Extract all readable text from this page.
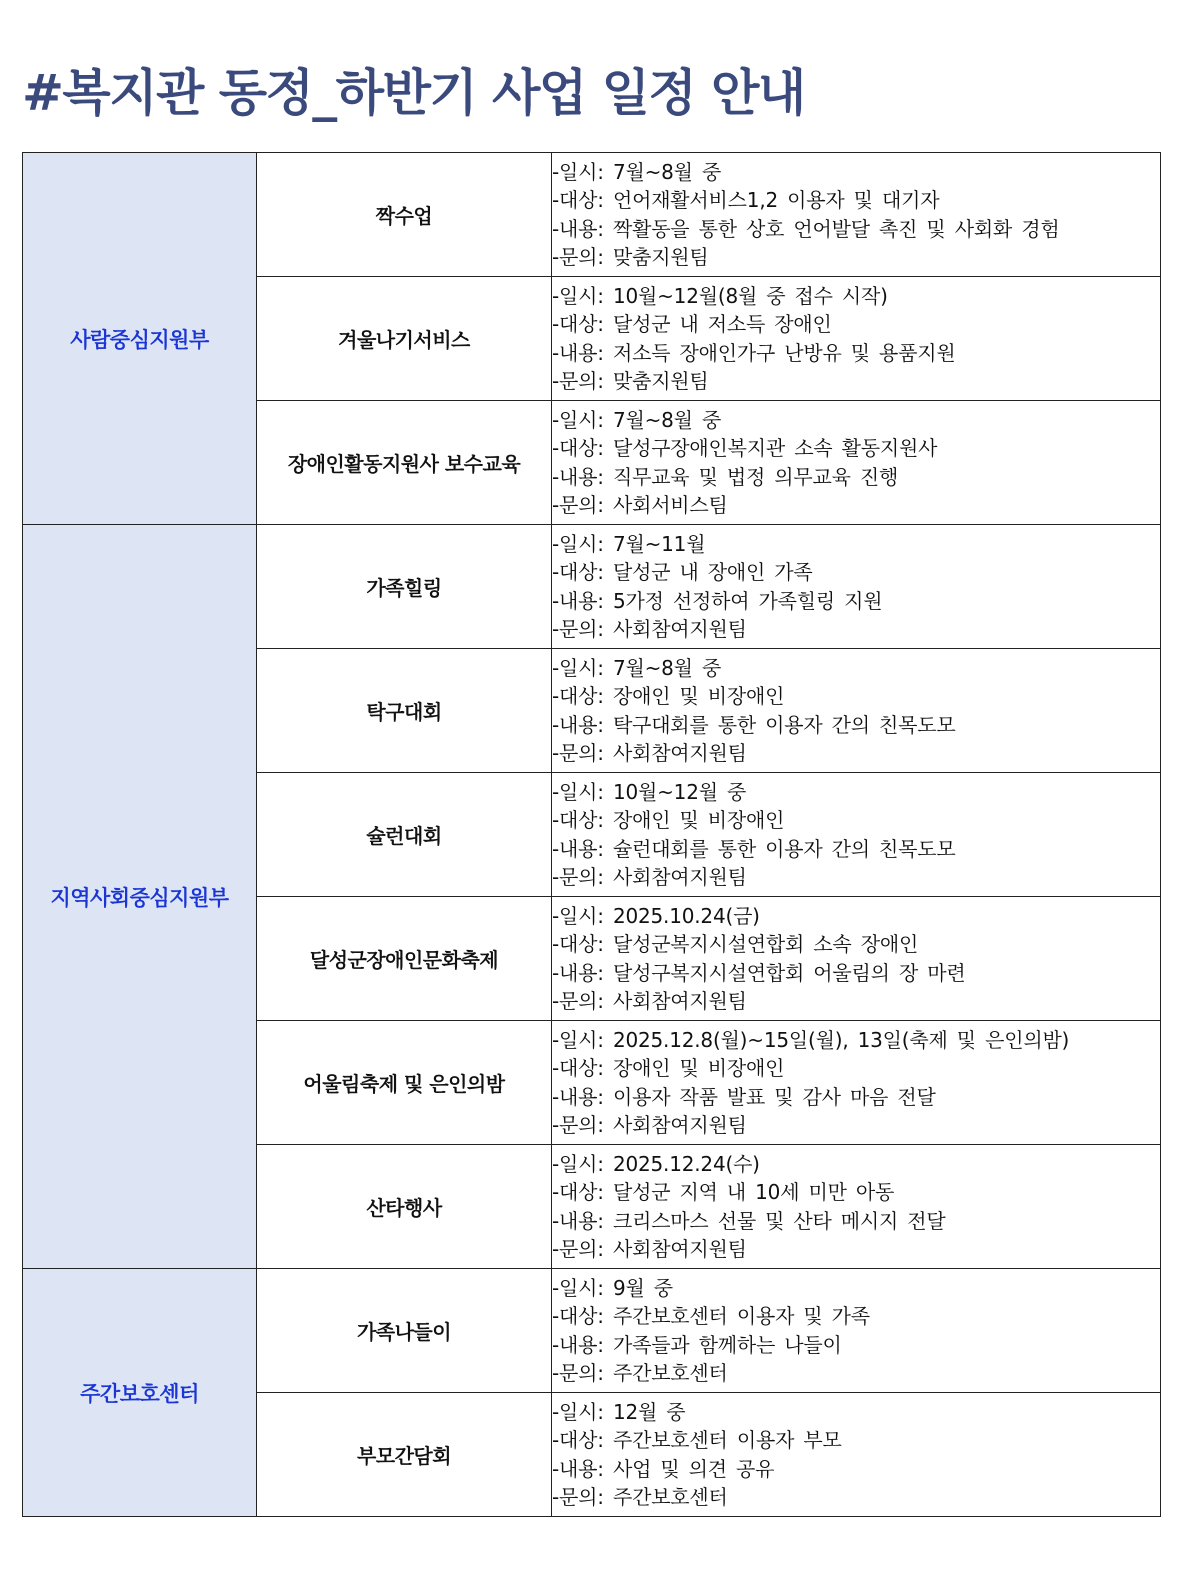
#복지관 동정_하반기 사업 일정 안내
사람중심지원부	짝수업	-일시: 7월~8월 중
-대상: 언어재활서비스1,2 이용자 및 대기자
-내용: 짝활동을 통한 상호 언어발달 촉진 및 사회화 경험
-문의: 맞춤지원팀

	겨울나기서비스	-일시: 10월~12월(8월 중 접수 시작)
-대상: 달성군 내 저소득 장애인
-내용: 저소득 장애인가구 난방유 및 용품지원
-문의: 맞춤지원팀

	장애인활동지원사 보수교육	-일시: 7월~8월 중
-대상: 달성구장애인복지관 소속 활동지원사
-내용: 직무교육 및 법정 의무교육 진행
-문의: 사회서비스팀

지역사회중심지원부	가족힐링	-일시: 7월~11월
-대상: 달성군 내 장애인 가족
-내용: 5가정 선정하여 가족힐링 지원
-문의: 사회참여지원팀

	탁구대회	-일시: 7월~8월 중
-대상: 장애인 및 비장애인
-내용: 탁구대회를 통한 이용자 간의 친목도모
-문의: 사회참여지원팀

	슐런대회	-일시: 10월~12월 중
-대상: 장애인 및 비장애인
-내용: 슐런대회를 통한 이용자 간의 친목도모
-문의: 사회참여지원팀

	달성군장애인문화축제	-일시: 2025.10.24(금)
-대상: 달성군복지시설연합회 소속 장애인
-내용: 달성구복지시설연합회 어울림의 장 마련
-문의: 사회참여지원팀

	어울림축제 및 은인의밤	-일시: 2025.12.8(월)~15일(월), 13일(축제 및 은인의밤)
-대상: 장애인 및 비장애인
-내용: 이용자 작품 발표 및 감사 마음 전달
-문의: 사회참여지원팀

	산타행사	-일시: 2025.12.24(수)
-대상: 달성군 지역 내 10세 미만 아동
-내용: 크리스마스 선물 및 산타 메시지 전달
-문의: 사회참여지원팀

주간보호센터	가족나들이	-일시: 9월 중
-대상: 주간보호센터 이용자 및 가족
-내용: 가족들과 함께하는 나들이
-문의: 주간보호센터

	부모간담회	-일시: 12월 중
-대상: 주간보호센터 이용자 부모
-내용: 사업 및 의견 공유
-문의: 주간보호센터
